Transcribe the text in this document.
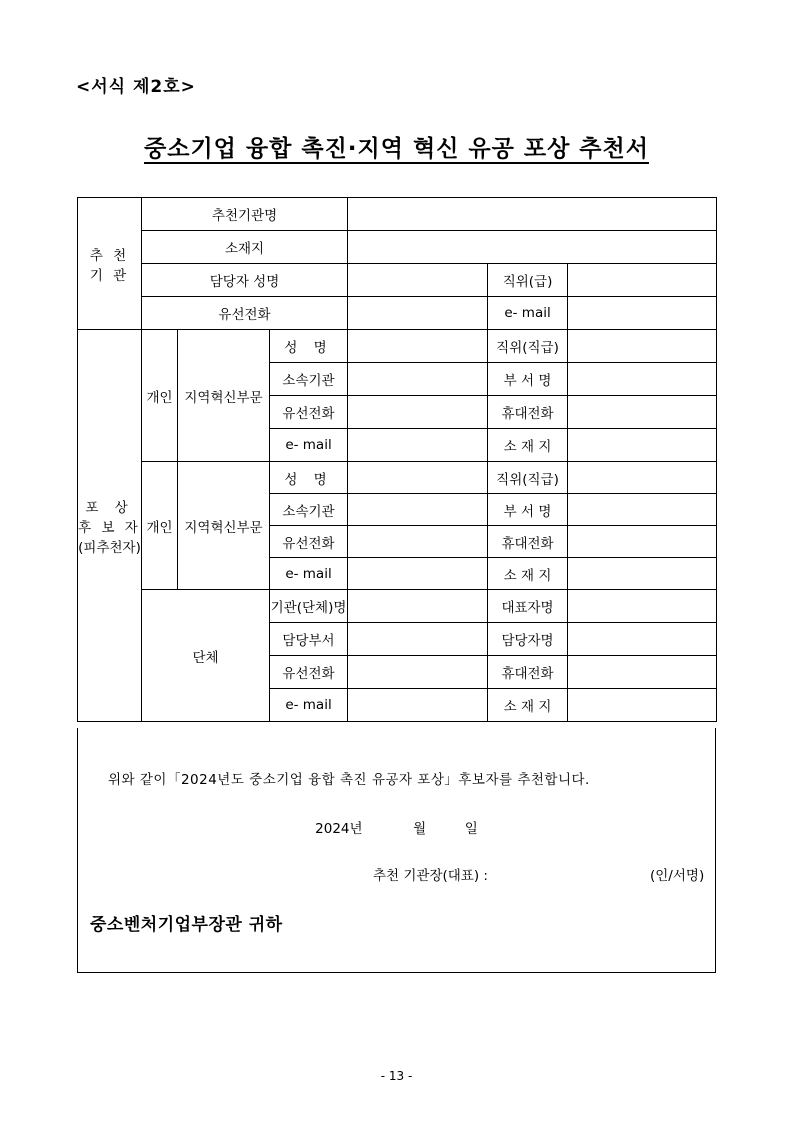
<서식 제2호>
중소기업 융합 촉진·지역 혁신 유공 포상 추천서
추 천
기 관	추천기관명					
	소재지					
	담당자 성명				직위(급)	
	유선전화				e- mail	

포 상
후 보 자
(피추천자)	개인	지역혁신부문	성 명		직위(직급)	
			소속기관		부 서 명	
			유선전화		휴대전화	
			e- mail		소 재 지	
	개인	지역혁신부문	성 명		직위(직급)	
			소속기관		부 서 명	
			유선전화		휴대전화	
			e- mail		소 재 지	
	단체		기관(단체)명		대표자명	
			담당부서		담당자명	
			유선전화		휴대전화	
			e- mail		소 재 지	
위와 같이「2024년도 중소기업 융합 촉진 유공자 포상」후보자를 추천합니다.
2024년	월	일
추천 기관장(대표) :	(인/서명)
중소벤처기업부장관 귀하
- 13 -
